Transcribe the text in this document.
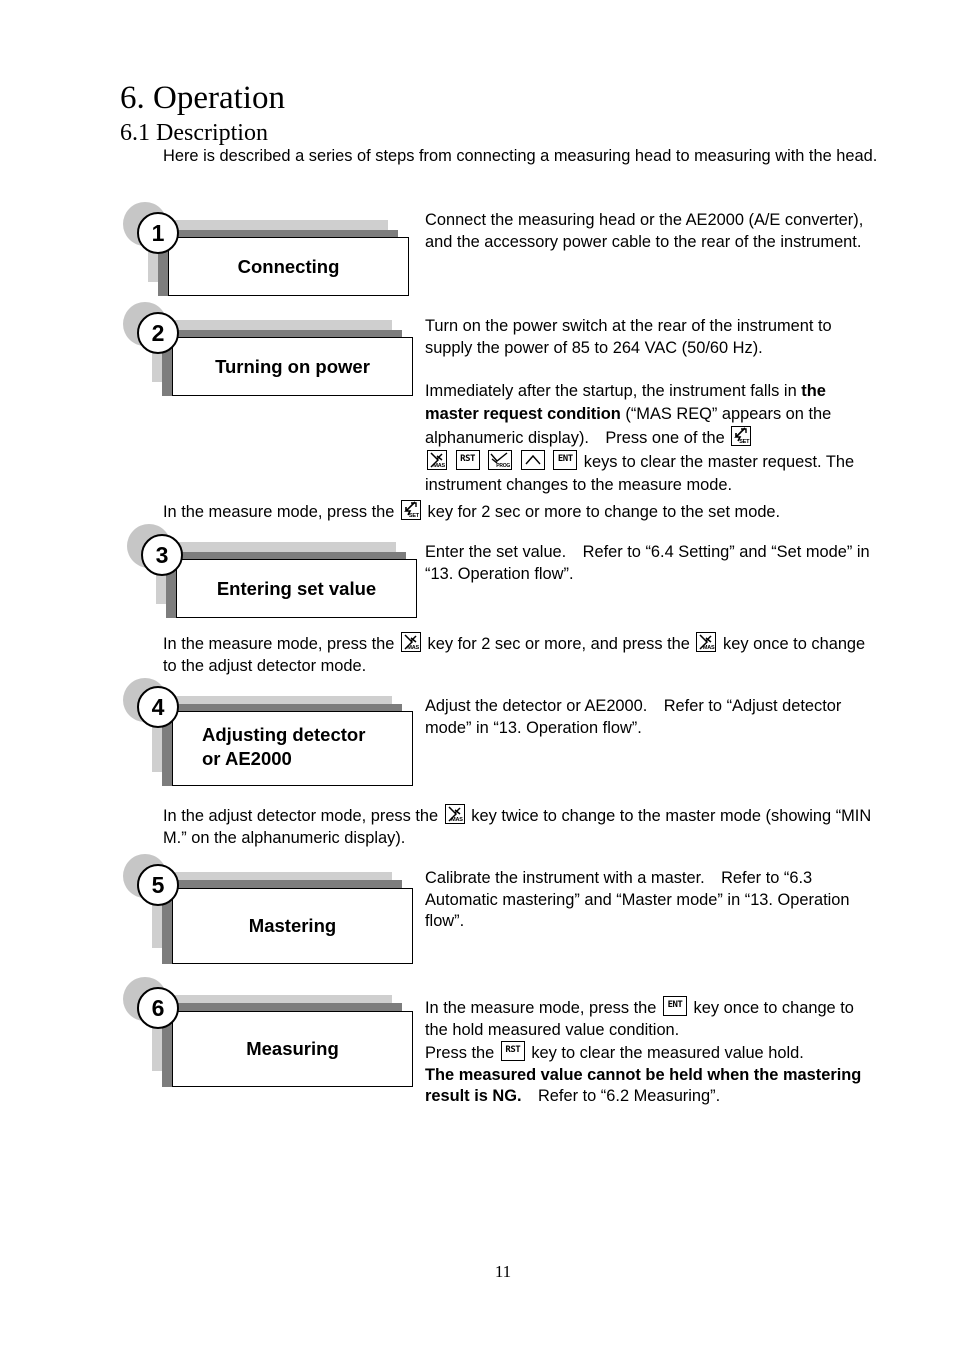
6. Operation
6.1 Description
Here is described a series of steps from connecting a measuring head to measuring with the head.
Connecting
1	Connect the measuring head or the AE2000 (A/E converter), and the accessory power cable to the rear of the instrument.
Turning on power
2	Turn on the power switch at the rear of the instrument to supply the power of 85 to 264 VAC (50/60 Hz).
Immediately after the startup, the instrument falls in the master request condition (“MAS REQ” appears on the alphanumeric display).　Press one of the SET

MAS

RST

PROG

ENT keys to clear the master request. The instrument changes to the measure mode.
In the measure mode, press the SET key for 2 sec or more to change to the set mode.
Entering set value
3	Enter the set value.　Refer to “6.4 Setting” and “Set mode” in “13. Operation flow”.
In the measure mode, press the MAS key for 2 sec or more, and press the MAS key once to change to the adjust detector mode.
Adjusting detector
or AE2000
4	Adjust the detector or AE2000.　Refer to “Adjust detector mode” in “13. Operation flow”.
In the adjust detector mode, press the MAS key twice to change to the master mode (showing “MIN M.” on the alphanumeric display).
Mastering
5	Calibrate the instrument with a master.　Refer to “6.3 Automatic mastering” and “Master mode” in “13. Operation flow”.
Measuring
6	In the measure mode, press the ENT key once to change to the hold measured value condition.
Press the RST key to clear the measured value hold.
The measured value cannot be held when the mastering result is NG.　Refer to “6.2 Measuring”.
11
